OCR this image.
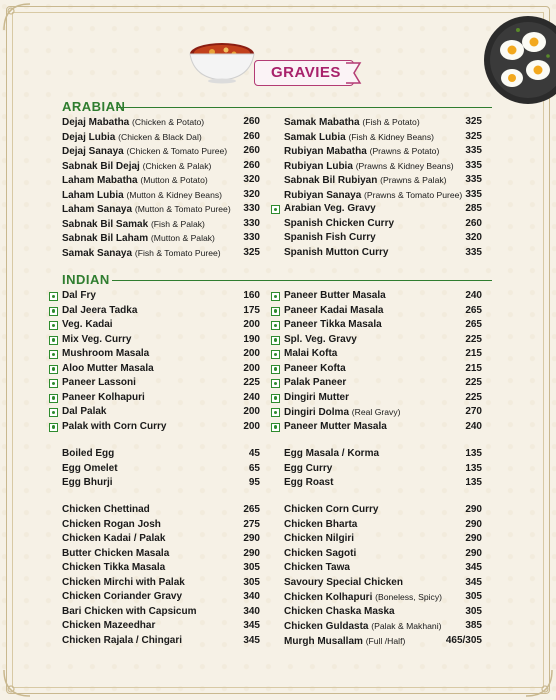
GRAVIES
ARABIAN
Dejaj Mabatha (Chicken & Potato)	260
Dejaj Lubia (Chicken & Black Dal)	260
Dejaj Sanaya (Chicken & Tomato Puree) 260
Sabnak Bil Dejaj (Chicken & Palak)	260
Laham Mabatha (Mutton & Potato)	320
Laham Lubia (Mutton & Kidney Beans) 320
Laham Sanaya (Mutton & Tomato Puree) 330
Sabnak Bil Samak (Fish & Palak)	330
Sabnak Bil Laham (Mutton & Palak)	330
Samak Sanaya (Fish & Tomato Puree) 325
Samak Mabatha (Fish & Potato)	325
Samak Lubia (Fish & Kidney Beans)	325
Rubiyan Mabatha (Prawns & Potato)	335
Rubiyan Lubia (Prawns & Kidney Beans) 335
Sabnak Bil Rubiyan (Prawns & Palak) 335
Rubiyan Sanaya (Prawns & Tomato Puree) 335
Arabian Veg. Gravy	285
Spanish Chicken Curry	260
Spanish Fish Curry	320
Spanish Mutton Curry	335
INDIAN
Dal Fry	160
Dal Jeera Tadka	175
Veg. Kadai	200
Mix Veg. Curry	190
Mushroom Masala	200
Aloo Mutter Masala	200
Paneer Lassoni	225
Paneer Kolhapuri	240
Dal Palak	200
Palak with Corn Curry	200
Paneer Butter Masala	240
Paneer Kadai Masala	265
Paneer Tikka Masala	265
Spl. Veg. Gravy	225
Malai Kofta	215
Paneer Kofta	215
Palak Paneer	225
Dingiri Mutter	225
Dingiri Dolma (Real Gravy)	270
Paneer Mutter Masala	240
Boiled Egg	45
Egg Omelet	65
Egg Bhurji	95
Egg Masala / Korma	135
Egg Curry	135
Egg Roast	135
Chicken Chettinad	265
Chicken Rogan Josh	275
Chicken Kadai / Palak	290
Butter Chicken Masala	290
Chicken Tikka Masala	305
Chicken Mirchi with Palak	305
Chicken Coriander Gravy	340
Bari Chicken with Capsicum	340
Chicken Mazeedhar	345
Chicken Rajala / Chingari	345
Chicken Corn Curry	290
Chicken Bharta	290
Chicken Nilgiri	290
Chicken Sagoti	290
Chicken Tawa	345
Savoury Special Chicken	345
Chicken Kolhapuri (Boneless, Spicy) 305
Chicken Chaska Maska	305
Chicken Guldasta (Palak & Makhani) 385
Murgh Musallam (Full /Half)	465/305
